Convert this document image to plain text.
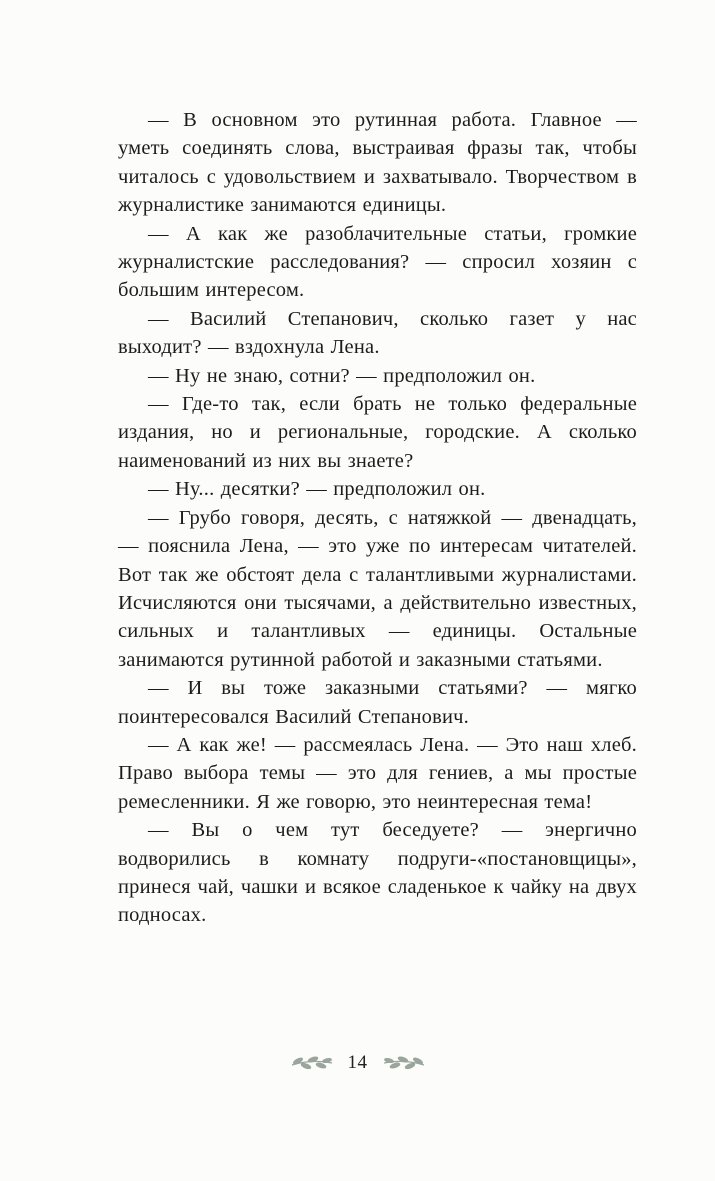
— В основном это рутинная работа. Главное — уметь соединять слова, выстраивая фразы так, чтобы читалось с удовольствием и захватывало. Творчеством в журналистике занимаются единицы.

— А как же разоблачительные статьи, громкие журналистские расследования? — спросил хозяин с большим интересом.

— Василий Степанович, сколько газет у нас выходит? — вздохнула Лена.

— Ну не знаю, сотни? — предположил он.

— Где-то так, если брать не только федеральные издания, но и региональные, городские. А сколько наименований из них вы знаете?

— Ну... десятки? — предположил он.

— Грубо говоря, десять, с натяжкой — двенадцать, — пояснила Лена, — это уже по интересам читателей. Вот так же обстоят дела с талантливыми журналистами. Исчисляются они тысячами, а действительно известных, сильных и талантливых — единицы. Остальные занимаются рутинной работой и заказными статьями.

— И вы тоже заказными статьями? — мягко поинтересовался Василий Степанович.

— А как же! — рассмеялась Лена. — Это наш хлеб. Право выбора темы — это для гениев, а мы простые ремесленники. Я же говорю, это неинтересная тема!

— Вы о чем тут беседуете? — энергично водворились в комнату подруги-«постановщицы», принеся чай, чашки и всякое сладенькое к чайку на двух подносах.

14
